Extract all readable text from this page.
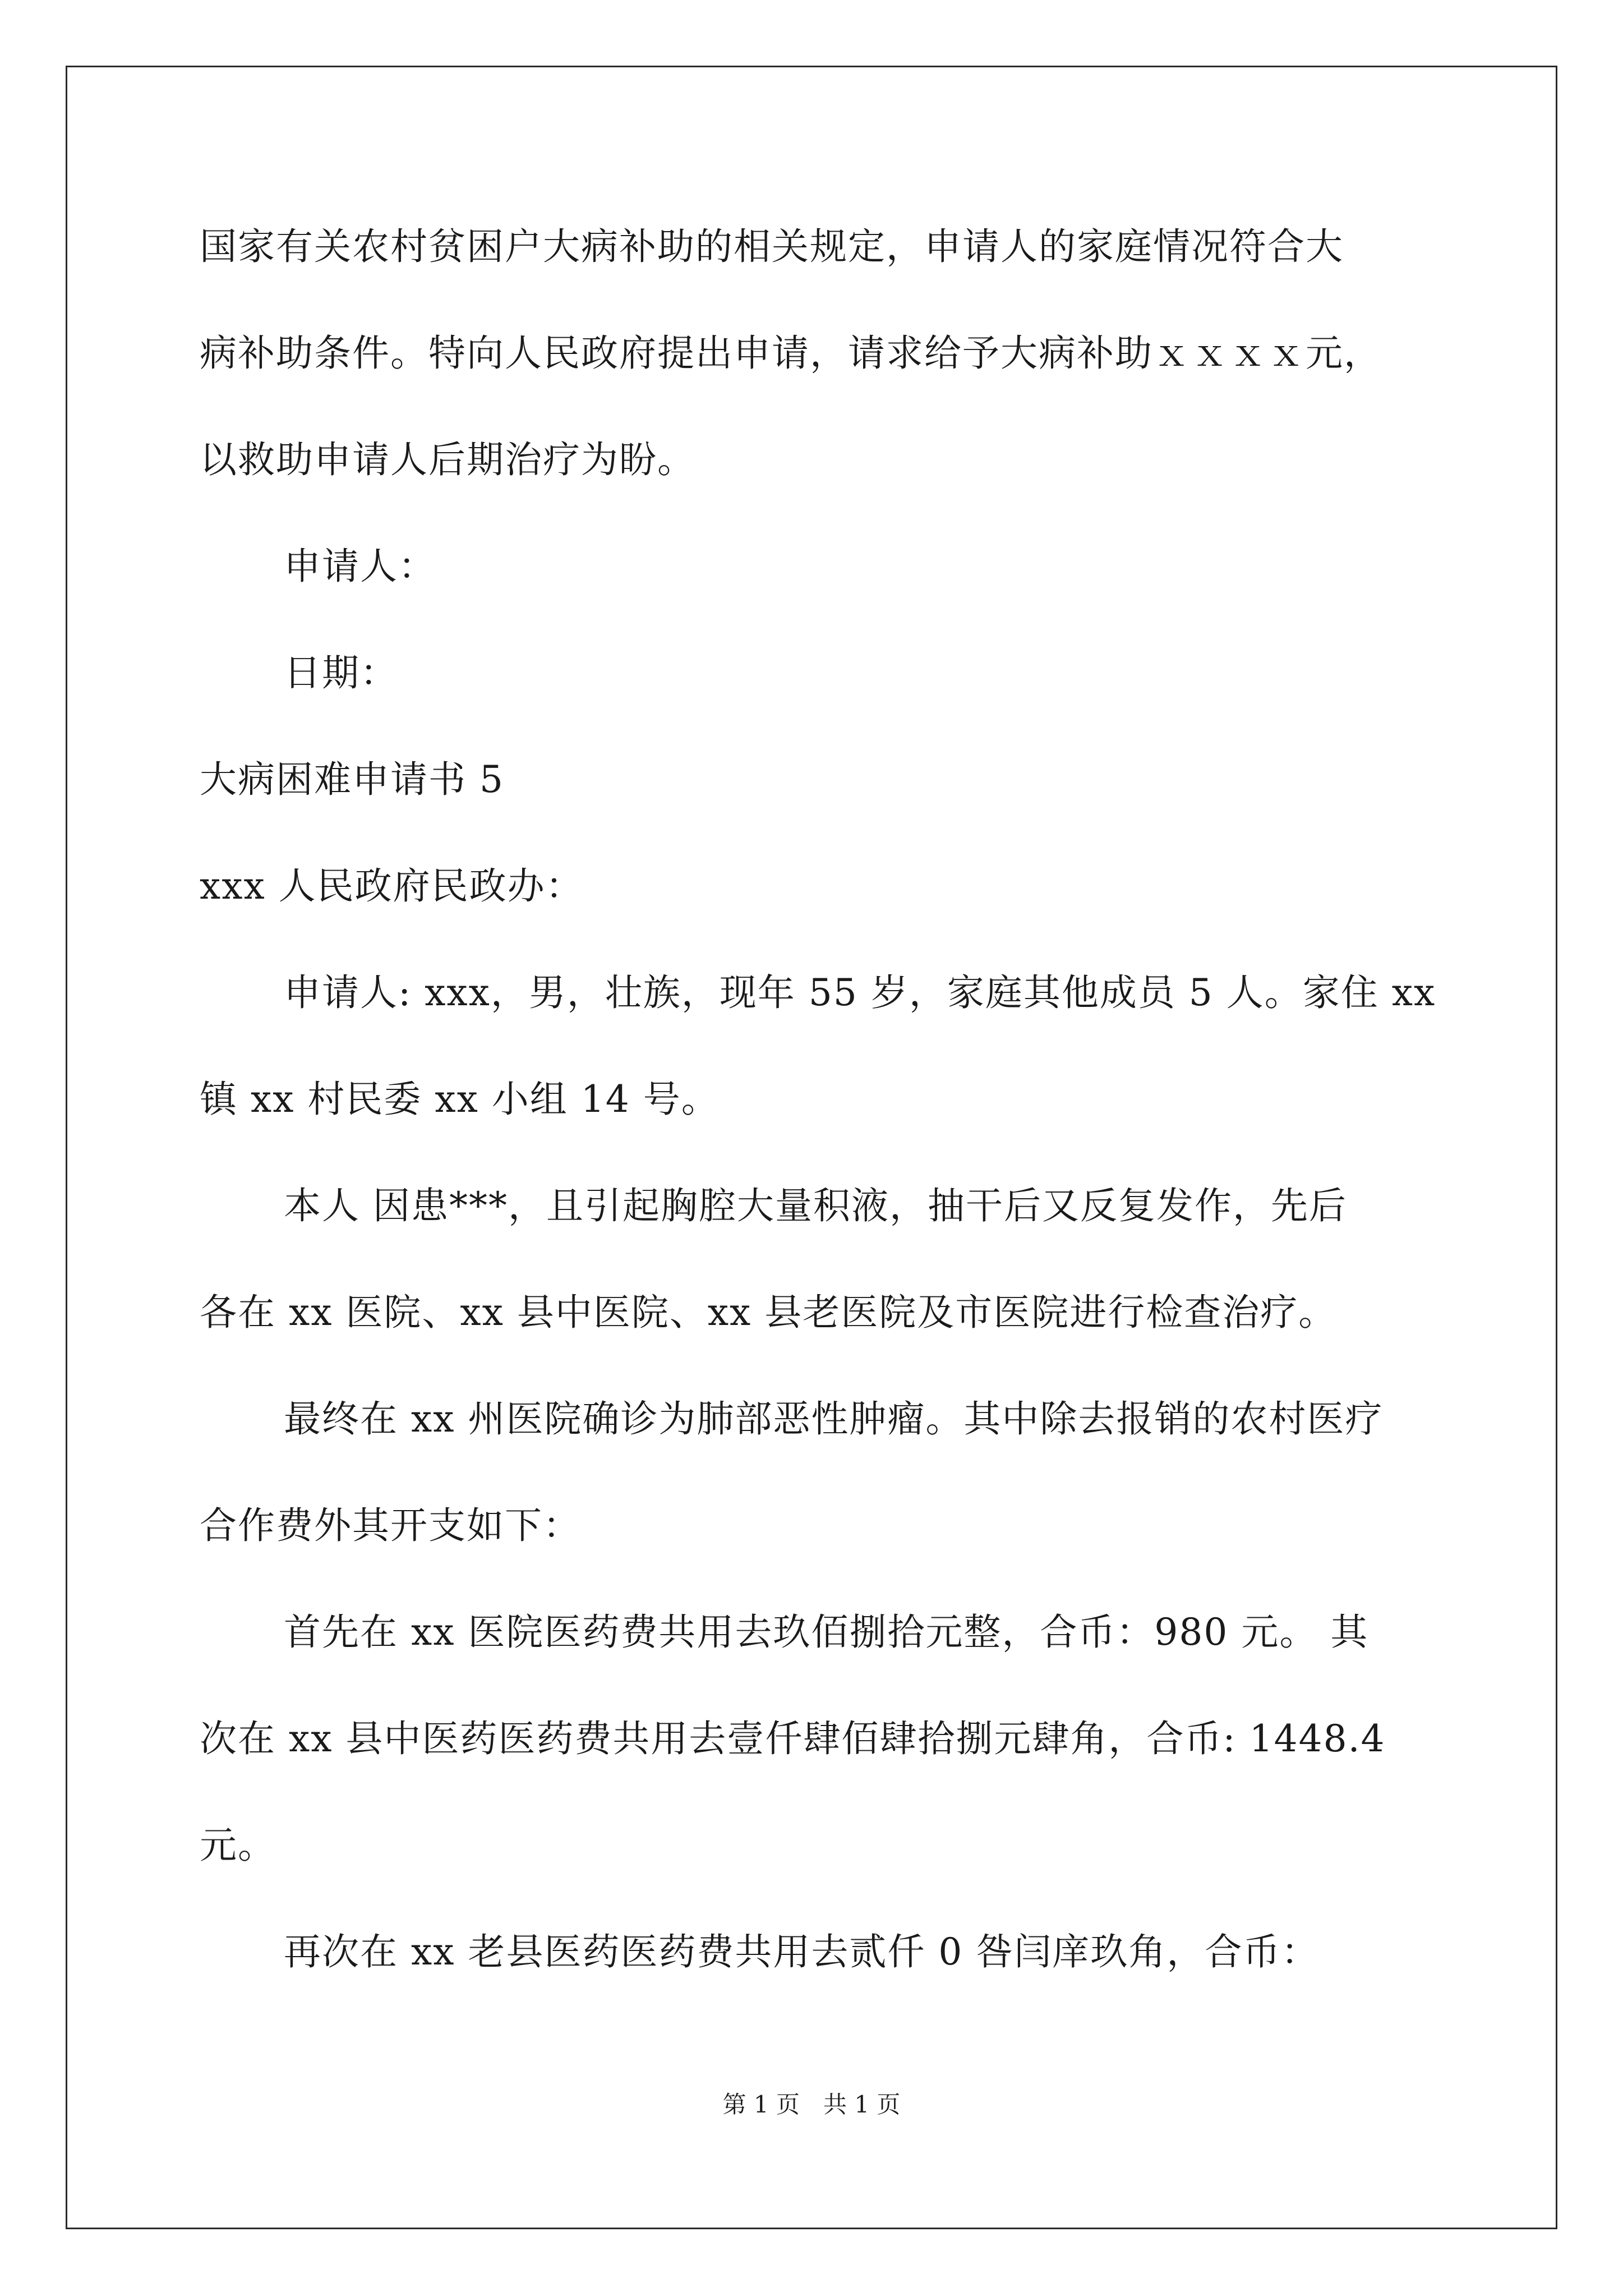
国家有关农村贫困户大病补助的相关规定，申请人的家庭情况符合大
病补助条件。特向人民政府提出申请，请求给予大病补助ｘｘｘｘ元，
以救助申请人后期治疗为盼。
申请人：
日期：
大病困难申请书 5
xxx 人民政府民政办：
申请人: xxx，男，壮族，现年 55 岁，家庭其他成员 5 人。家住 xx
镇 xx 村民委 xx 小组 14 号。
本人 因患***，且引起胸腔大量积液，抽干后又反复发作，先后
各在 xx 医院、xx 县中医院、xx 县老医院及市医院进行检查治疗。
最终在 xx 州医院确诊为肺部恶性肿瘤。其中除去报销的农村医疗
合作费外其开支如下：
首先在 xx 医院医药费共用去玖佰捌拾元整，合币：980 元。 其
次在 xx 县中医药医药费共用去壹仟肆佰肆拾捌元肆角，合币: 1448.4
元。
再次在 xx 老县医药医药费共用去贰仟 0 咎闫庠玖角，合币：
第 1 页　共 1 页
